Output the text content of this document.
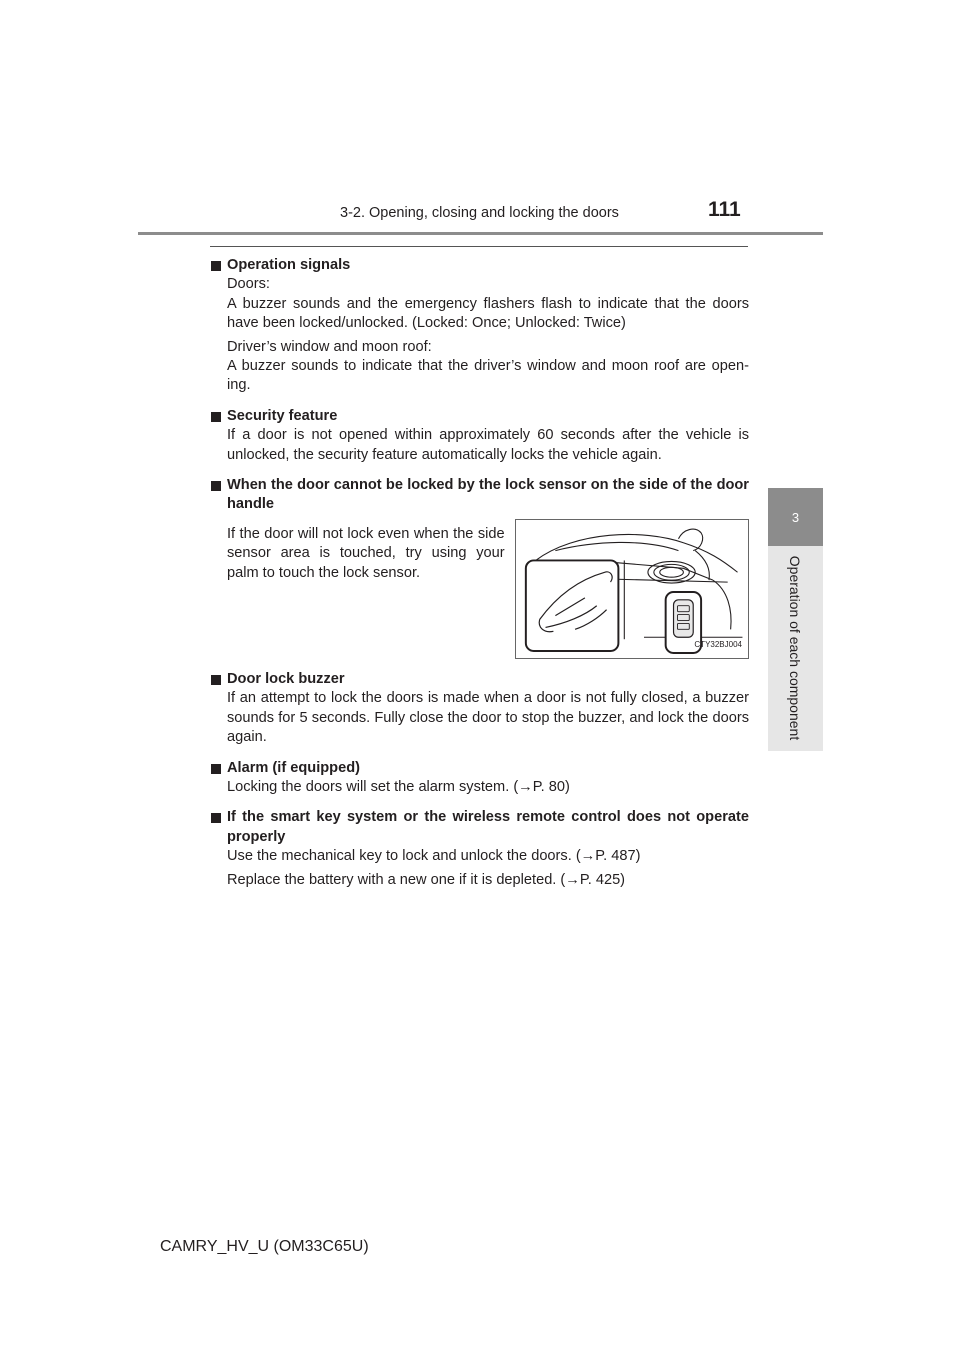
3-2. Opening, closing and locking the doors	111
3
Operation of each component
Operation signals

Doors:
A buzzer sounds and the emergency flashers flash to indicate that the doors have been locked/unlocked. (Locked: Once; Unlocked: Twice)

Driver’s window and moon roof:
A buzzer sounds to indicate that the driver’s window and moon roof are open-ing.

Security feature

If a door is not opened within approximately 60 seconds after the vehicle is unlocked, the security feature automatically locks the vehicle again.

When the door cannot be locked by the lock sensor on the side of the door handle
If the door will not lock even when the side sensor area is touched, try using your palm to touch the lock sensor.
CTY32BJ004
Door lock buzzer

If an attempt to lock the doors is made when a door is not fully closed, a buzzer sounds for 5 seconds. Fully close the door to stop the buzzer, and lock the doors again.

Alarm (if equipped)

Locking the doors will set the alarm system. (→P. 80)

If the smart key system or the wireless remote control does not operate properly

Use the mechanical key to lock and unlock the doors. (→P. 487)

Replace the battery with a new one if it is depleted. (→P. 425)

CAMRY_HV_U (OM33C65U)
